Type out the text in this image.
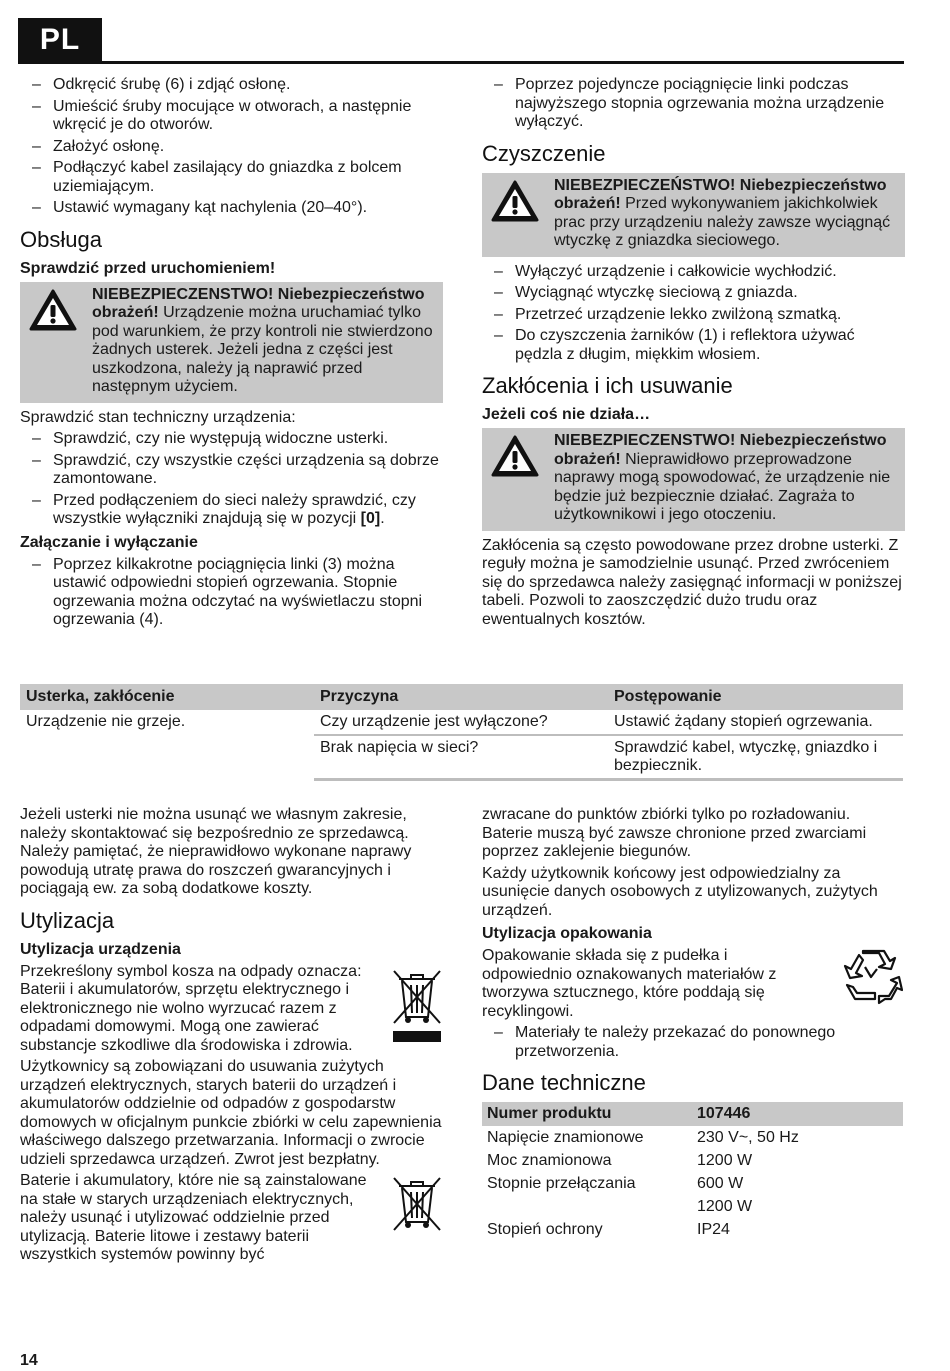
PL
– Odkręcić śrubę (6) i zdjąć osłonę.
– Umieścić śruby mocujące w otworach, a następnie wkręcić je do otworów.
– Założyć osłonę.
– Podłączyć kabel zasilający do gniazdka z bolcem uziemiającym.
– Ustawić wymagany kąt nachylenia (20–40°).
Obsługa
Sprawdzić przed uruchomieniem!
NIEBEZPIECZENSTWO! Niebezpieczeństwo obrażeń! Urządzenie można uruchamiać tylko pod warunkiem, że przy kontroli nie stwierdzono żadnych usterek. Jeżeli jedna z części jest uszkodzona, należy ją naprawić przed następnym użyciem.

Sprawdzić stan techniczny urządzenia:

– Sprawdzić, czy nie występują widoczne usterki.
– Sprawdzić, czy wszystkie części urządzenia są dobrze zamontowane.
– Przed podłączeniem do sieci należy sprawdzić, czy wszystkie wyłączniki znajdują się w pozycji [0].
Załączanie i wyłączanie
– Poprzez kilkakrotne pociągnięcia linki (3) można ustawić odpowiedni stopień ogrzewania. Stopnie ogrzewania można odczytać na wyświetlaczu stopni ogrzewania (4).
– Poprzez pojedyncze pociągnięcie linki podczas najwyższego stopnia ogrzewania można urządzenie wyłączyć.
Czyszczenie
NIEBEZPIECZEŃSTWO! Niebezpieczeństwo obrażeń! Przed wykonywaniem jakichkolwiek prac przy urządzeniu należy zawsze wyciągnąć wtyczkę z gniazdka sieciowego.
– Wyłączyć urządzenie i całkowicie wychłodzić.
– Wyciągnąć wtyczkę sieciową z gniazda.
– Przetrzeć urządzenie lekko zwilżoną szmatką.
– Do czyszczenia żarników (1) i reflektora używać pędzla z długim, miękkim włosiem.
Zakłócenia i ich usuwanie
Jeżeli coś nie działa…
NIEBEZPIECZENSTWO! Niebezpieczeństwo obrażeń! Nieprawidłowo przeprowadzone naprawy mogą spowodować, że urządzenie nie będzie już bezpiecznie działać. Zagraża to użytkownikowi i jego otoczeniu.

Zakłócenia są często powodowane przez drobne usterki. Z reguły można je samodzielnie usunąć. Przed zwróceniem się do sprzedawca należy zasięgnąć informacji w poniższej tabeli. Pozwoli to zaoszczędzić dużo trudu oraz ewentualnych kosztów.

Usterka, zakłócenie	Przyczyna	Postępowanie
Urządzenie nie grzeje.	Czy urządzenie jest wyłączone?	Ustawić żądany stopień ogrzewania.
	Brak napięcia w sieci?	Sprawdzić kabel, wtyczkę, gniazdko i bezpiecznik.

Jeżeli usterki nie można usunąć we własnym zakresie, należy skontaktować się bezpośrednio ze sprzedawcą. Należy pamiętać, że nieprawidłowo wykonane naprawy powodują utratę prawa do roszczeń gwarancyjnych i pociągają ew. za sobą dodatkowe koszty.

Utylizacja
Utylizacja urządzenia

Przekreślony symbol kosza na odpady oznacza: Baterii i akumulatorów, sprzętu elektrycznego i elektronicznego nie wolno wyrzucać razem z odpadami domowymi. Mogą one zawierać substancje szkodliwe dla środowiska i zdrowia.

Użytkownicy są zobowiązani do usuwania zużytych urządzeń elektrycznych, starych baterii do urządzeń i akumulatorów oddzielnie od odpadów z gospodarstw domowych w oficjalnym punkcie zbiórki w celu zapewnienia właściwego dalszego przetwarzania. Informacji o zwrocie udzieli sprzedawca urządzeń. Zwrot jest bezpłatny.

Baterie i akumulatory, które nie są zainstalowane na stałe w starych urządzeniach elektrycznych, należy usunąć i utylizować oddzielnie przed utylizacją. Baterie litowe i zestawy baterii wszystkich systemów powinny być

zwracane do punktów zbiórki tylko po rozładowaniu. Baterie muszą być zawsze chronione przed zwarciami poprzez zaklejenie biegunów.

Każdy użytkownik końcowy jest odpowiedzialny za usunięcie danych osobowych z utylizowanych, zużytych urządzeń.

Utylizacja opakowania

Opakowanie składa się z pudełka i odpowiednio oznakowanych materiałów z tworzywa sztucznego, które poddają się recyklingowi.

– Materiały te należy przekazać do ponownego przetworzenia.
Dane techniczne
Numer produktu	107446
Napięcie znamionowe	230 V~, 50 Hz
Moc znamionowa	1200 W
Stopnie przełączania	600 W
	1200 W
Stopień ochrony	IP24
14
